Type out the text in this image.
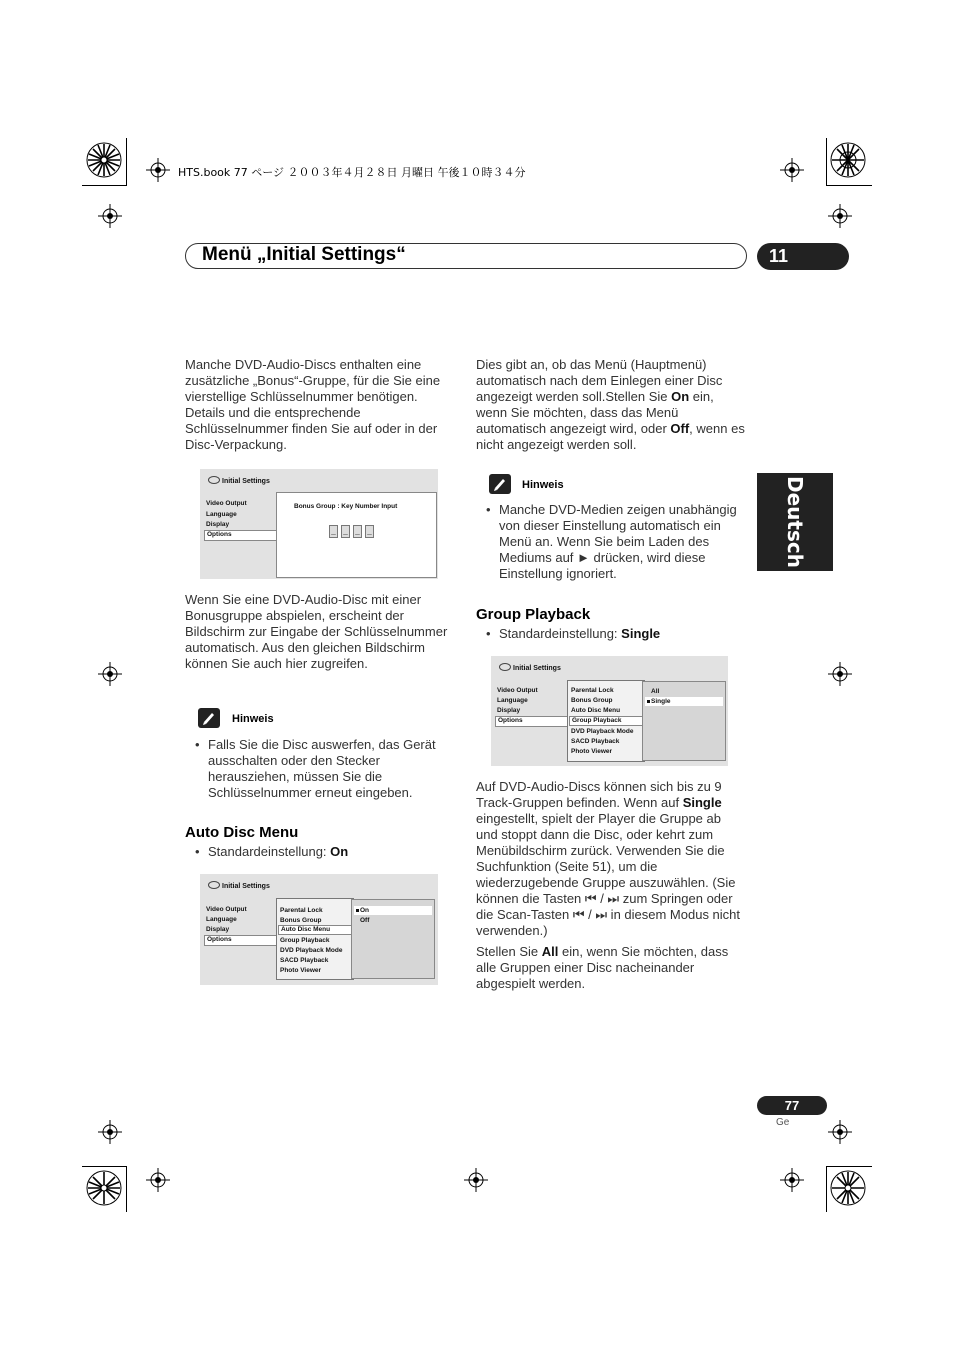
HTS.book 77 ページ ２００３年４月２８日 月曜日 午後１０時３４分
Menü „Initial Settings“	11
Deutsch
Manche DVD-Audio-Discs enthalten eine zusätzliche „Bonus“-Gruppe, für die Sie eine vierstellige Schlüsselnummer benötigen. Details und die entsprechende Schlüsselnummer finden Sie auf oder in der Disc-Verpackung.
Initial Settings
Video Output
Language
Display
Options
Bonus Group : Key Number Input
_ _ _ _
Wenn Sie eine DVD-Audio-Disc mit einer Bonusgruppe abspielen, erscheint der Bildschirm zur Eingabe der Schlüsselnummer automatisch. Aus den gleichen Bildschirm können Sie auch hier zugreifen.
Hinweis
• Falls Sie die Disc auswerfen, das Gerät ausschalten oder den Stecker herausziehen, müssen Sie die Schlüsselnummer erneut eingeben.
Auto Disc Menu
• Standardeinstellung: On
Initial Settings
Video Output
Language
Display
Options
Parental Lock
Bonus Group
Auto Disc Menu
Group Playback
DVD Playback Mode
SACD Playback
Photo Viewer
On
Off
Dies gibt an, ob das Menü (Hauptmenü) automatisch nach dem Einlegen einer Disc angezeigt werden soll.Stellen Sie On ein, wenn Sie möchten, dass das Menü automatisch angezeigt wird, oder Off, wenn es nicht angezeigt werden soll.
Hinweis
• Manche DVD-Medien zeigen unabhängig von dieser Einstellung automatisch ein Menü an. Wenn Sie beim Laden des Mediums auf ► drücken, wird diese Einstellung ignoriert.
Group Playback
• Standardeinstellung: Single
Initial Settings
Video Output
Language
Display
Options
Parental Lock
Bonus Group
Auto Disc Menu
Group Playback
DVD Playback Mode
SACD Playback
Photo Viewer
All
Single
Auf DVD-Audio-Discs können sich bis zu 9 Track-Gruppen befinden. Wenn auf Single eingestellt, spielt der Player die Gruppe ab und stoppt dann die Disc, oder kehrt zum Menübildschirm zurück. Verwenden Sie die Suchfunktion (Seite 51), um die wiederzugebende Gruppe auszuwählen. (Sie können die Tasten ⏮ / ⏭ zum Springen oder die Scan-Tasten ⏮ / ⏭ in diesem Modus nicht verwenden.)
Stellen Sie All ein, wenn Sie möchten, dass alle Gruppen einer Disc nacheinander abgespielt werden.
77
Ge
